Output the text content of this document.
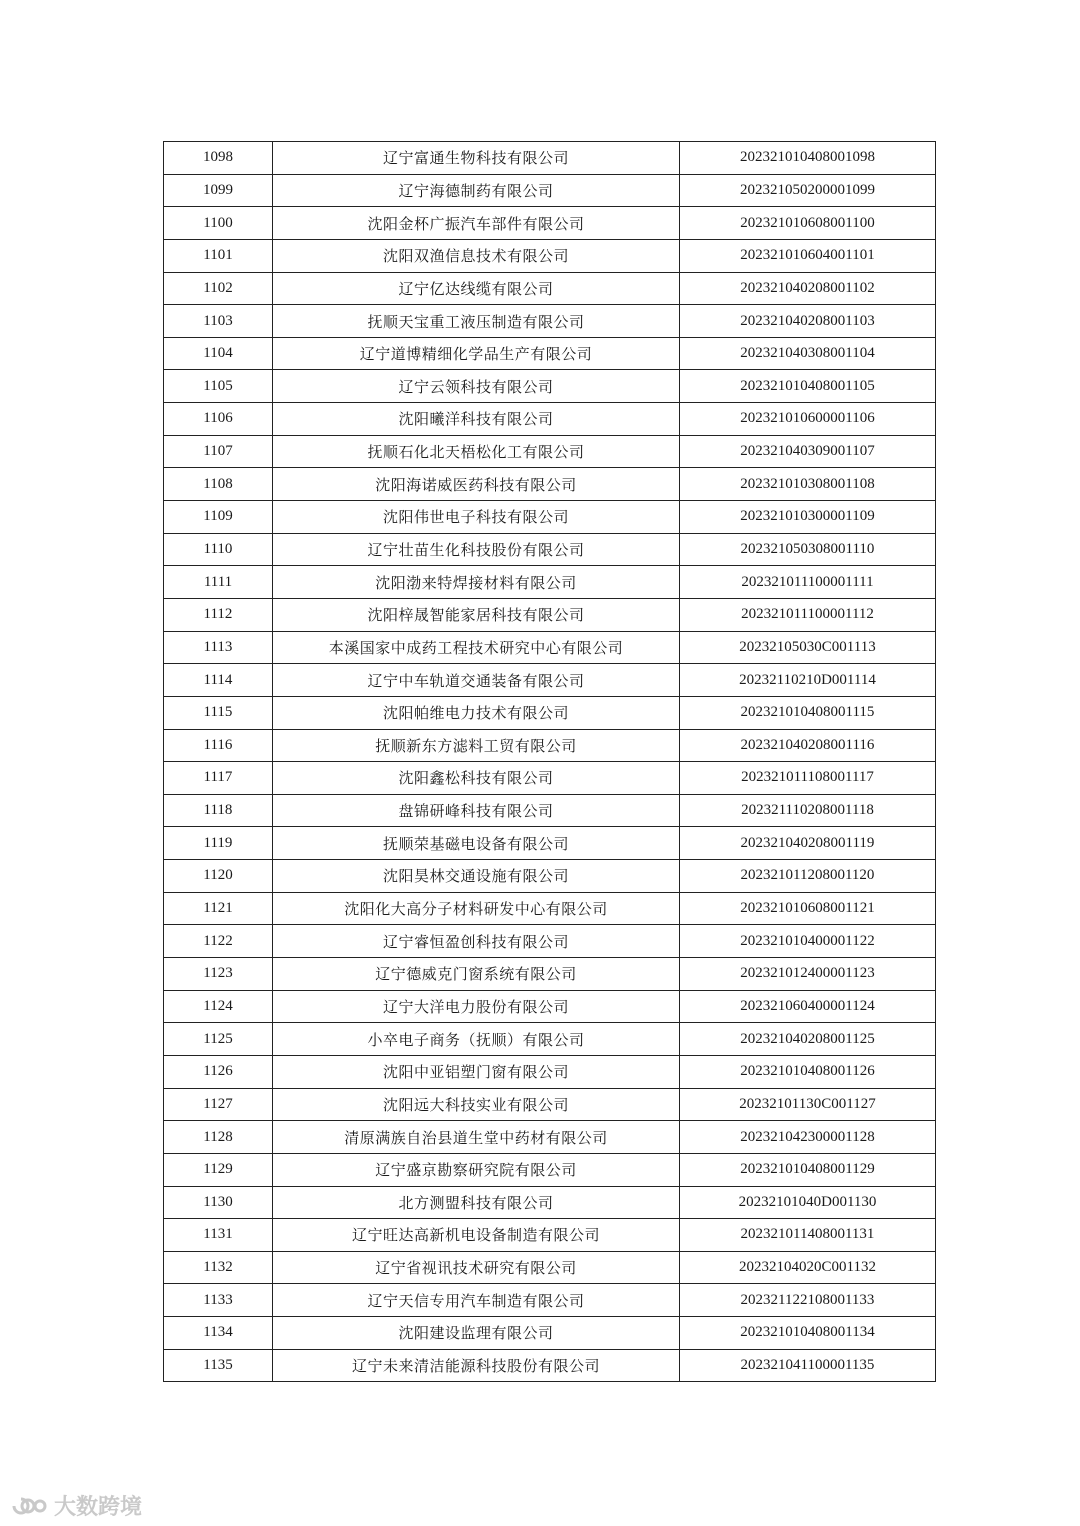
1098	辽宁富通生物科技有限公司	202321010408001098
1099	辽宁海德制药有限公司	202321050200001099
1100	沈阳金杯广振汽车部件有限公司	202321010608001100
1101	沈阳双渔信息技术有限公司	202321010604001101
1102	辽宁亿达线缆有限公司	202321040208001102
1103	抚顺天宝重工液压制造有限公司	202321040208001103
1104	辽宁道博精细化学品生产有限公司	202321040308001104
1105	辽宁云领科技有限公司	202321010408001105
1106	沈阳曦洋科技有限公司	202321010600001106
1107	抚顺石化北天梧松化工有限公司	202321040309001107
1108	沈阳海诺威医药科技有限公司	202321010308001108
1109	沈阳伟世电子科技有限公司	202321010300001109
1110	辽宁壮苗生化科技股份有限公司	202321050308001110
1111	沈阳渤来特焊接材料有限公司	202321011100001111
1112	沈阳梓晟智能家居科技有限公司	202321011100001112
1113	本溪国家中成药工程技术研究中心有限公司	20232105030C001113
1114	辽宁中车轨道交通装备有限公司	20232110210D001114
1115	沈阳帕维电力技术有限公司	202321010408001115
1116	抚顺新东方滤料工贸有限公司	202321040208001116
1117	沈阳鑫松科技有限公司	202321011108001117
1118	盘锦研峰科技有限公司	202321110208001118
1119	抚顺荣基磁电设备有限公司	202321040208001119
1120	沈阳昊林交通设施有限公司	202321011208001120
1121	沈阳化大高分子材料研发中心有限公司	202321010608001121
1122	辽宁睿恒盈创科技有限公司	202321010400001122
1123	辽宁德威克门窗系统有限公司	202321012400001123
1124	辽宁大洋电力股份有限公司	202321060400001124
1125	小卒电子商务（抚顺）有限公司	202321040208001125
1126	沈阳中亚铝塑门窗有限公司	202321010408001126
1127	沈阳远大科技实业有限公司	20232101130C001127
1128	清原满族自治县道生堂中药材有限公司	202321042300001128
1129	辽宁盛京勘察研究院有限公司	202321010408001129
1130	北方测盟科技有限公司	20232101040D001130
1131	辽宁旺达高新机电设备制造有限公司	202321011408001131
1132	辽宁省视讯技术研究有限公司	20232104020C001132
1133	辽宁天信专用汽车制造有限公司	202321122108001133
1134	沈阳建设监理有限公司	202321010408001134
1135	辽宁未来清洁能源科技股份有限公司	202321041100001135
大数跨境
